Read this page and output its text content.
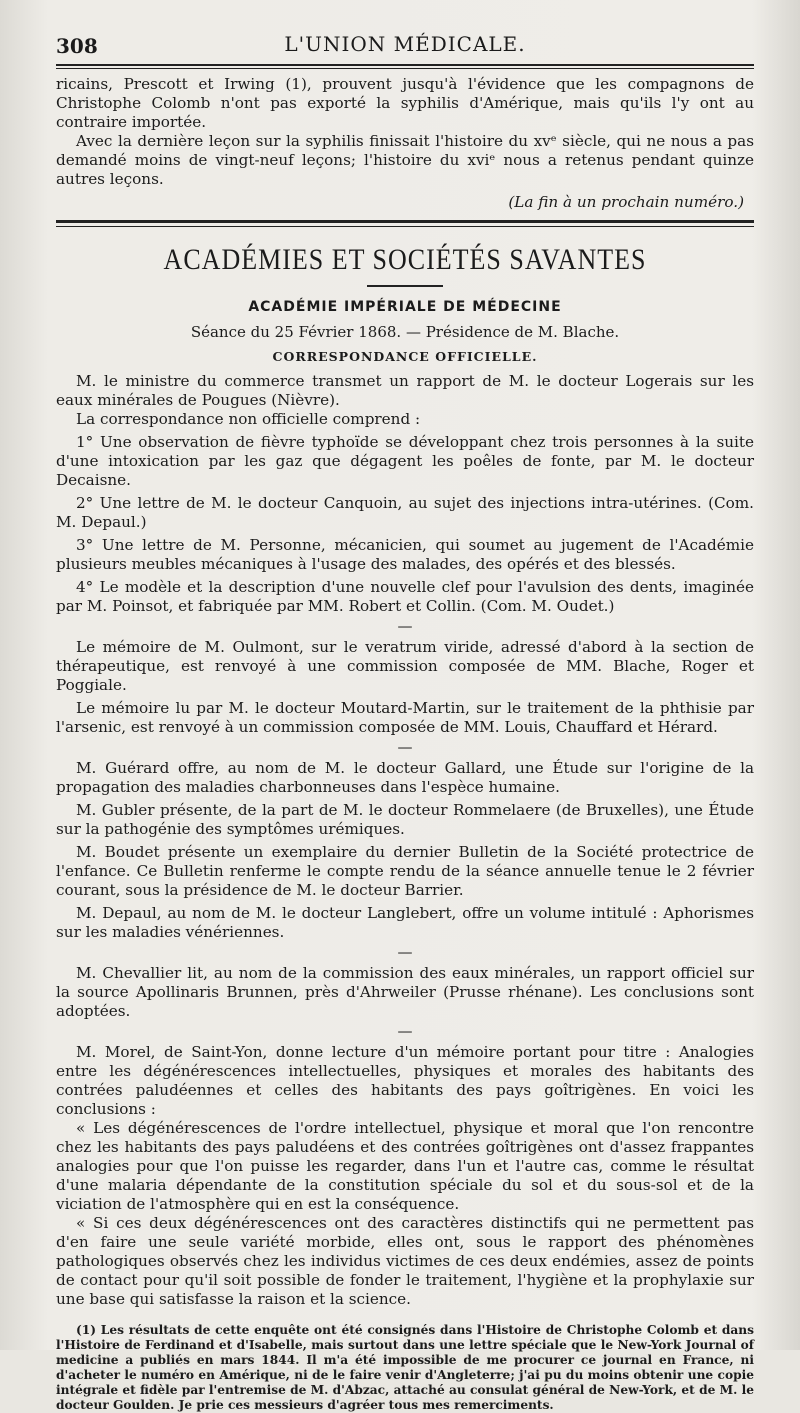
308	L'UNION MÉDICALE.

ricains, Prescott et Irwing (1), prouvent jusqu'à l'évidence que les compagnons de Christophe Colomb n'ont pas exporté la syphilis d'Amérique, mais qu'ils l'y ont au contraire importée.

Avec la dernière leçon sur la syphilis finissait l'histoire du xvᵉ siècle, qui ne nous a pas demandé moins de vingt-neuf leçons; l'histoire du xviᵉ nous a retenus pendant quinze autres leçons.

(La fin à un prochain numéro.)

ACADÉMIES ET SOCIÉTÉS SAVANTES
ACADÉMIE IMPÉRIALE DE MÉDECINE
Séance du 25 Février 1868. — Présidence de M. Blache.
CORRESPONDANCE OFFICIELLE.

M. le ministre du commerce transmet un rapport de M. le docteur Logerais sur les eaux minérales de Pougues (Nièvre).

La correspondance non officielle comprend :

1° Une observation de fièvre typhoïde se développant chez trois personnes à la suite d'une intoxication par les gaz que dégagent les poêles de fonte, par M. le docteur Decaisne.

2° Une lettre de M. le docteur Canquoin, au sujet des injections intra-utérines. (Com. M. Depaul.)

3° Une lettre de M. Personne, mécanicien, qui soumet au jugement de l'Académie plusieurs meubles mécaniques à l'usage des malades, des opérés et des blessés.

4° Le modèle et la description d'une nouvelle clef pour l'avulsion des dents, imaginée par M. Poinsot, et fabriquée par MM. Robert et Collin. (Com. M. Oudet.)

—

Le mémoire de M. Oulmont, sur le veratrum viride, adressé d'abord à la section de thérapeutique, est renvoyé à une commission composée de MM. Blache, Roger et Poggiale.

Le mémoire lu par M. le docteur Moutard-Martin, sur le traitement de la phthisie par l'arsenic, est renvoyé à un commission composée de MM. Louis, Chauffard et Hérard.

—

M. Guérard offre, au nom de M. le docteur Gallard, une Étude sur l'origine de la propagation des maladies charbonneuses dans l'espèce humaine.

M. Gubler présente, de la part de M. le docteur Rommelaere (de Bruxelles), une Étude sur la pathogénie des symptômes urémiques.

M. Boudet présente un exemplaire du dernier Bulletin de la Société protectrice de l'enfance. Ce Bulletin renferme le compte rendu de la séance annuelle tenue le 2 février courant, sous la présidence de M. le docteur Barrier.

M. Depaul, au nom de M. le docteur Langlebert, offre un volume intitulé : Aphorismes sur les maladies vénériennes.

—

M. Chevallier lit, au nom de la commission des eaux minérales, un rapport officiel sur la source Apollinaris Brunnen, près d'Ahrweiler (Prusse rhénane). Les conclusions sont adoptées.

—

M. Morel, de Saint-Yon, donne lecture d'un mémoire portant pour titre : Analogies entre les dégénérescences intellectuelles, physiques et morales des habitants des contrées paludéennes et celles des habitants des pays goîtrigènes. En voici les conclusions :

« Les dégénérescences de l'ordre intellectuel, physique et moral que l'on rencontre chez les habitants des pays paludéens et des contrées goîtrigènes ont d'assez frappantes analogies pour que l'on puisse les regarder, dans l'un et l'autre cas, comme le résultat d'une malaria dépendante de la constitution spéciale du sol et du sous-sol et de la viciation de l'atmosphère qui en est la conséquence.

« Si ces deux dégénérescences ont des caractères distinctifs qui ne permettent pas d'en faire une seule variété morbide, elles ont, sous le rapport des phénomènes pathologiques observés chez les individus victimes de ces deux endémies, assez de points de contact pour qu'il soit possible de fonder le traitement, l'hygiène et la prophylaxie sur une base qui satisfasse la raison et la science.

(1) Les résultats de cette enquête ont été consignés dans l'Histoire de Christophe Colomb et dans l'Histoire de Ferdinand et d'Isabelle, mais surtout dans une lettre spéciale que le New-York Journal of medicine a publiés en mars 1844. Il m'a été impossible de me procurer ce journal en France, ni d'acheter le numéro en Amérique, ni de le faire venir d'Angleterre; j'ai pu du moins obtenir une copie intégrale et fidèle par l'entremise de M. d'Abzac, attaché au consulat général de New-York, et de M. le docteur Goulden. Je prie ces messieurs d'agréer tous mes remerciments.
